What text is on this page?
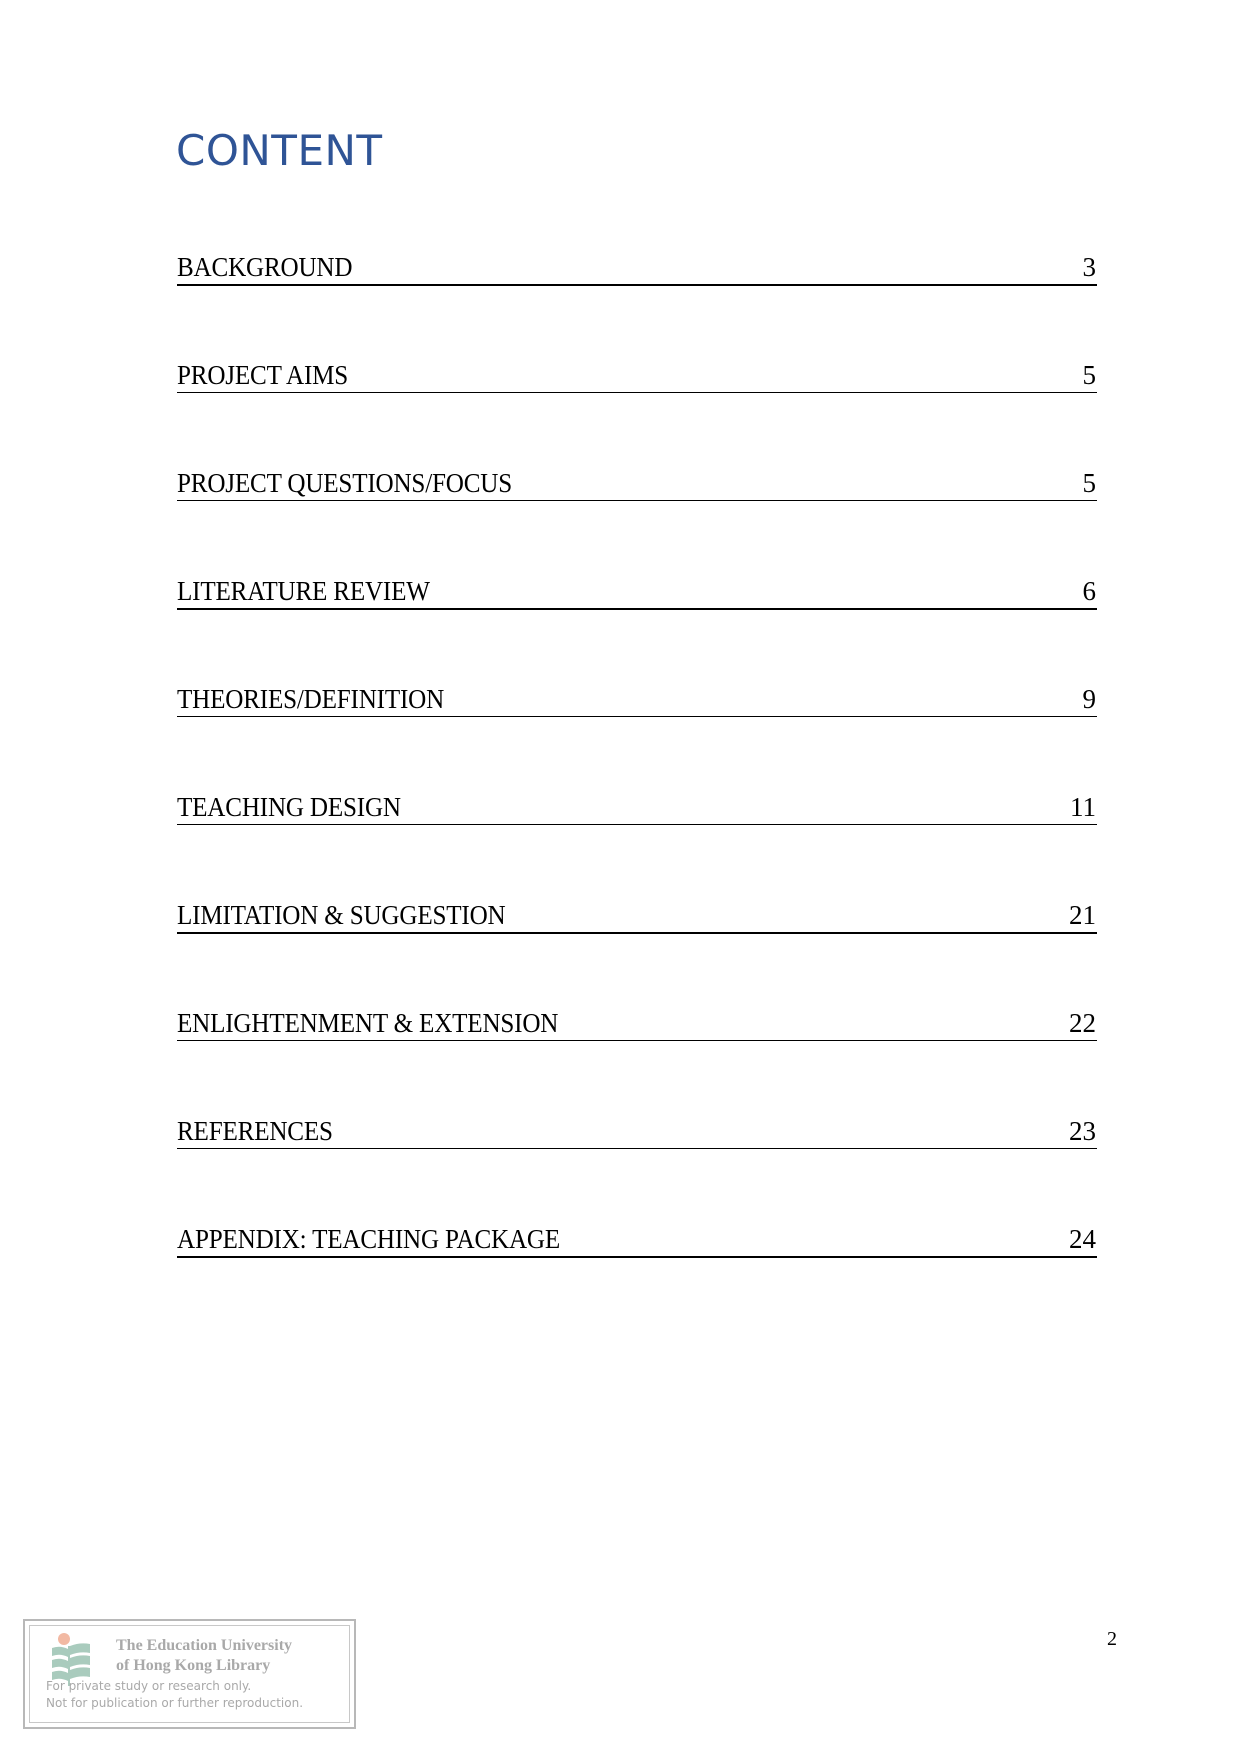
CONTENT
BACKGROUND	3
PROJECT AIMS	5
PROJECT QUESTIONS/FOCUS	5
LITERATURE REVIEW	6
THEORIES/DEFINITION	9
TEACHING DESIGN	11
LIMITATION & SUGGESTION	21
ENLIGHTENMENT & EXTENSION	22
REFERENCES	23
APPENDIX: TEACHING PACKAGE	24
2
The Education University
of Hong Kong Library
For private study or research only.
Not for publication or further reproduction.
